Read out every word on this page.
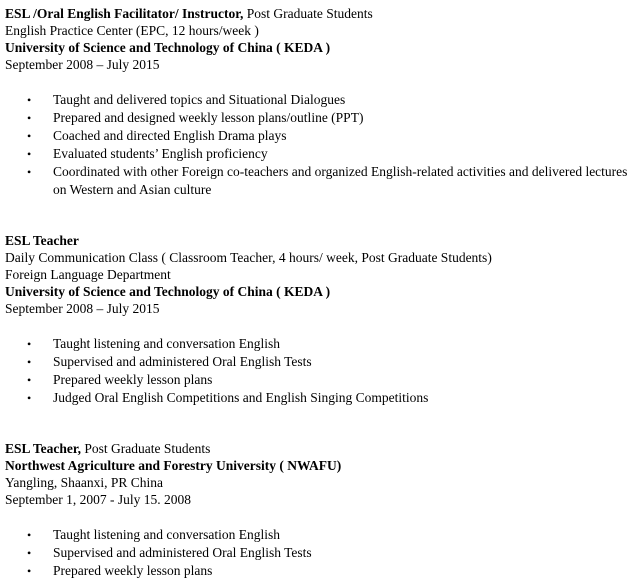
ESL /Oral English Facilitator/ Instructor, Post Graduate Students
English Practice Center (EPC, 12 hours/week )
University of Science and Technology of China ( KEDA )
September 2008 – July 2015
• Taught and delivered topics and Situational Dialogues
• Prepared and designed weekly lesson plans/outline (PPT)
• Coached and directed English Drama plays
• Evaluated students’ English proficiency
• Coordinated with other Foreign co-teachers and organized English-related activities and delivered lectures on Western and Asian culture
ESL Teacher
Daily Communication Class ( Classroom Teacher, 4 hours/ week, Post Graduate Students)
Foreign Language Department
University of Science and Technology of China ( KEDA )
September 2008 – July 2015
• Taught listening and conversation English
• Supervised and administered Oral English Tests
• Prepared weekly lesson plans
• Judged Oral English Competitions and English Singing Competitions
ESL Teacher, Post Graduate Students
Northwest Agriculture and Forestry University ( NWAFU)
Yangling, Shaanxi, PR China
September 1, 2007 - July 15. 2008
• Taught listening and conversation English
• Supervised and administered Oral English Tests
• Prepared weekly lesson plans
